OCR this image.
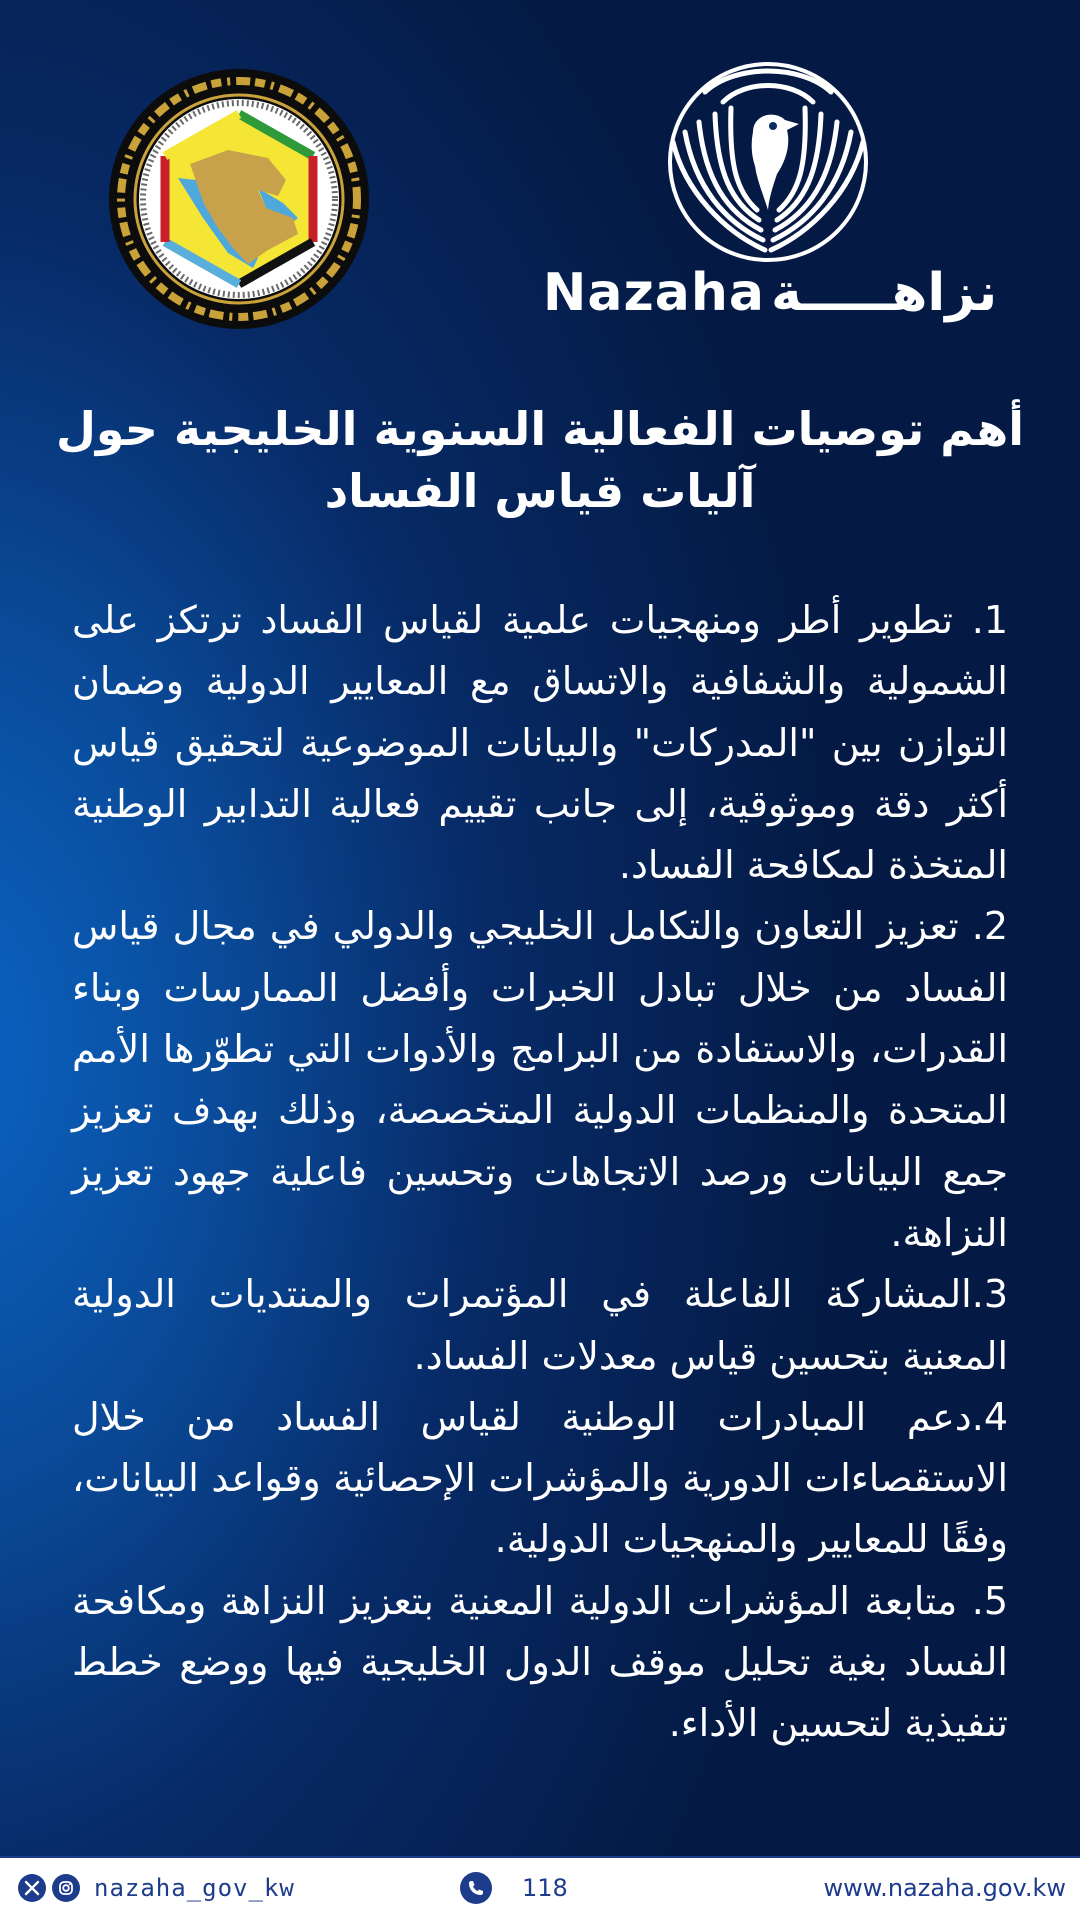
Nazaha نزاهـــــة
أهم توصيات الفعالية السنوية الخليجية حول آليات قياس الفساد

1. تطوير أطر ومنهجيات علمية لقياس الفساد ترتكز على الشمولية والشفافية والاتساق مع المعايير الدولية وضمان التوازن بين "المدركات" والبيانات الموضوعية لتحقيق قياس أكثر دقة وموثوقية، إلى جانب تقييم فعالية التدابير الوطنية المتخذة لمكافحة الفساد.

2. تعزيز التعاون والتكامل الخليجي والدولي في مجال قياس الفساد من خلال تبادل الخبرات وأفضل الممارسات وبناء القدرات، والاستفادة من البرامج والأدوات التي تطوّرها الأمم المتحدة والمنظمات الدولية المتخصصة، وذلك بهدف تعزيز جمع البيانات ورصد الاتجاهات وتحسين فاعلية جهود تعزيز النزاهة.

3.المشاركة الفاعلة في المؤتمرات والمنتديات الدولية المعنية بتحسين قياس معدلات الفساد.

4.دعم المبادرات الوطنية لقياس الفساد من خلال الاستقصاءات الدورية والمؤشرات الإحصائية وقواعد البيانات، وفقًا للمعايير والمنهجيات الدولية.

5. متابعة المؤشرات الدولية المعنية بتعزيز النزاهة ومكافحة الفساد بغية تحليل موقف الدول الخليجية فيها ووضع خطط تنفيذية لتحسين الأداء.

nazaha_gov_kw	118	www.nazaha.gov.kw
